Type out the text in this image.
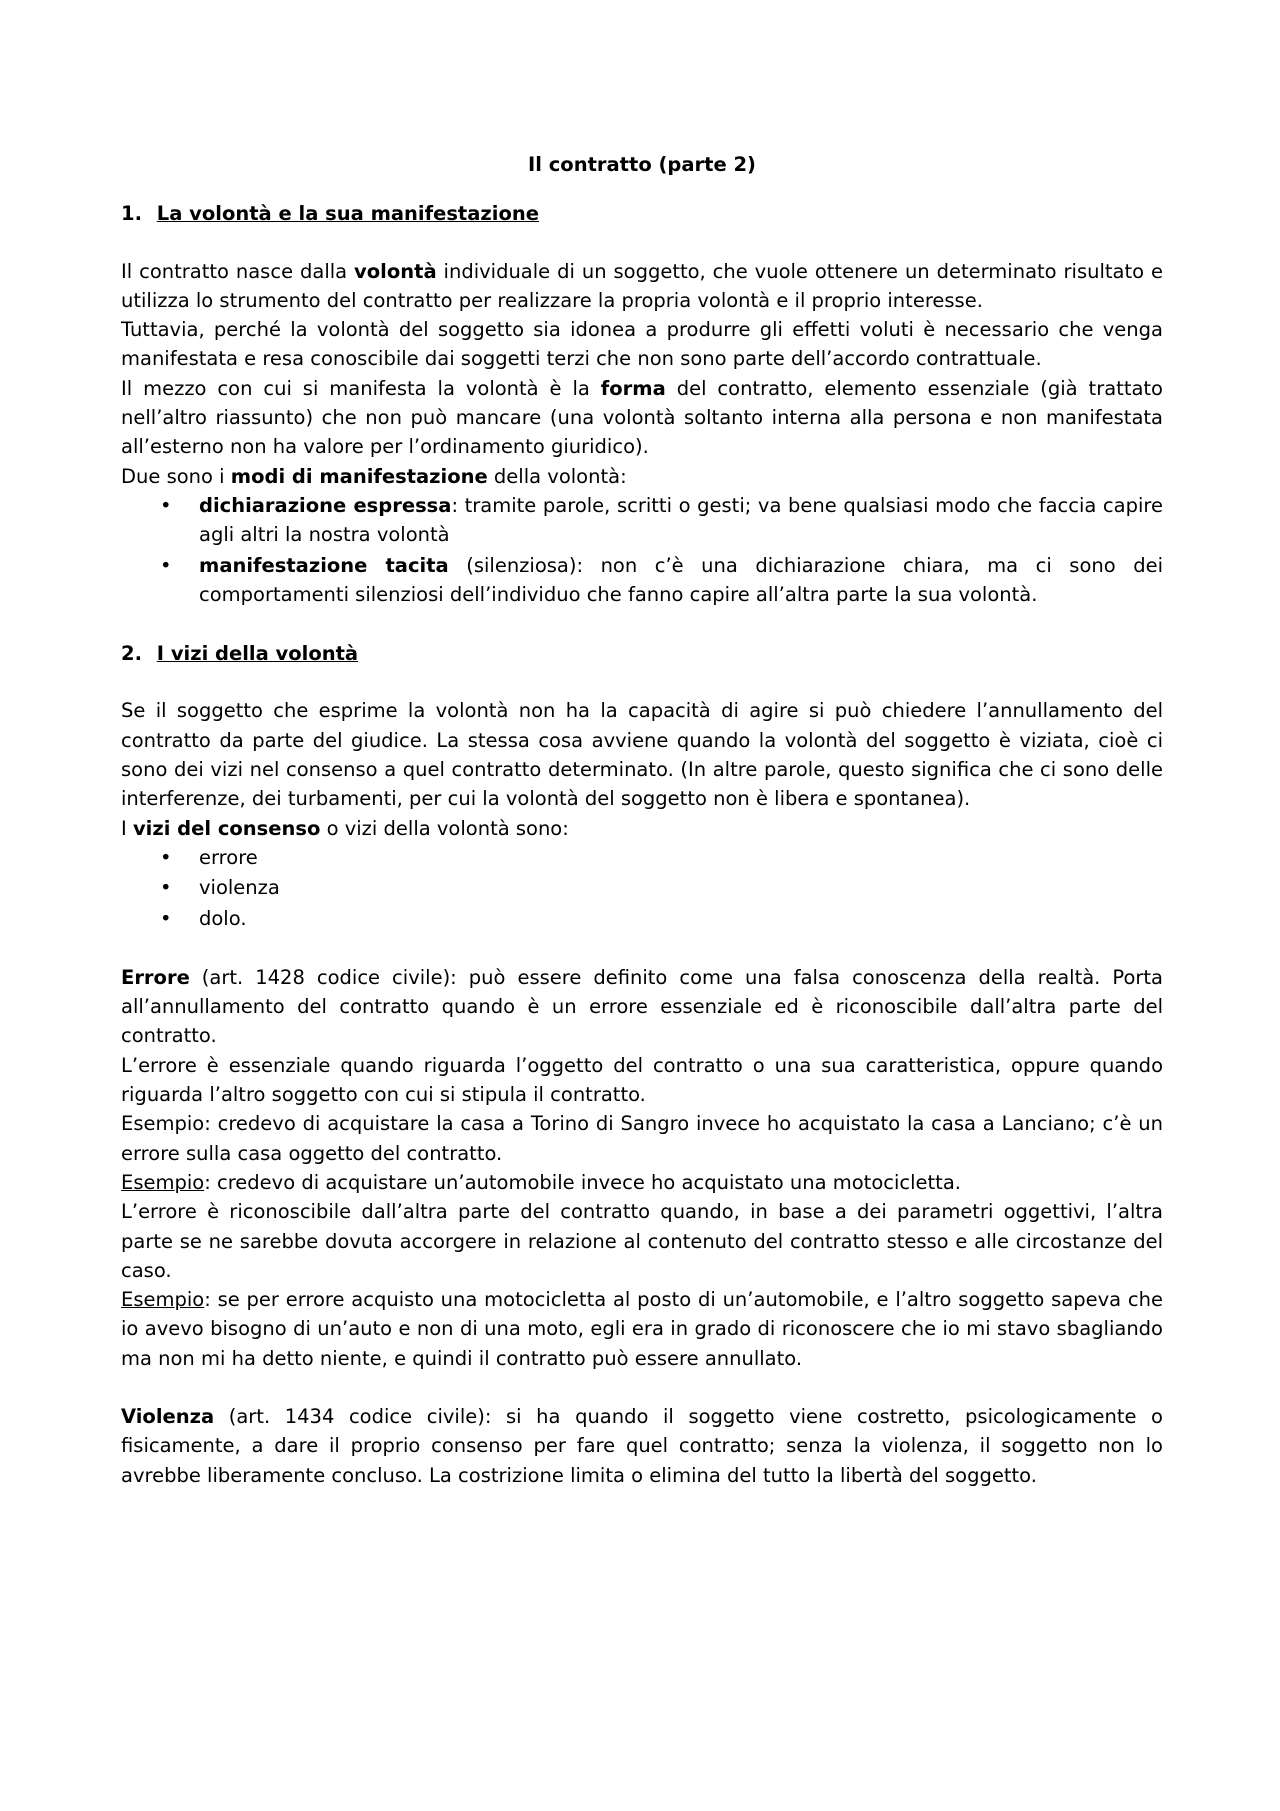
Il contratto (parte 2)
1. La volontà e la sua manifestazione

Il contratto nasce dalla volontà individuale di un soggetto, che vuole ottenere un determinato risultato e utilizza lo strumento del contratto per realizzare la propria volontà e il proprio interesse.

Tuttavia, perché la volontà del soggetto sia idonea a produrre gli effetti voluti è necessario che venga manifestata e resa conoscibile dai soggetti terzi che non sono parte dell’accordo contrattuale.

Il mezzo con cui si manifesta la volontà è la forma del contratto, elemento essenziale (già trattato nell’altro riassunto) che non può mancare (una volontà soltanto interna alla persona e non manifestata all’esterno non ha valore per l’ordinamento giuridico).

Due sono i modi di manifestazione della volontà:

• dichiarazione espressa: tramite parole, scritti o gesti; va bene qualsiasi modo che faccia capire agli altri la nostra volontà
• manifestazione tacita (silenziosa): non c’è una dichiarazione chiara, ma ci sono dei comportamenti silenziosi dell’individuo che fanno capire all’altra parte la sua volontà.
2. I vizi della volontà

Se il soggetto che esprime la volontà non ha la capacità di agire si può chiedere l’annullamento del contratto da parte del giudice. La stessa cosa avviene quando la volontà del soggetto è viziata, cioè ci sono dei vizi nel consenso a quel contratto determinato. (In altre parole, questo significa che ci sono delle interferenze, dei turbamenti, per cui la volontà del soggetto non è libera e spontanea).

I vizi del consenso o vizi della volontà sono:

• errore
• violenza
• dolo.

Errore (art. 1428 codice civile): può essere definito come una falsa conoscenza della realtà. Porta all’annullamento del contratto quando è un errore essenziale ed è riconoscibile dall’altra parte del contratto.

L’errore è essenziale quando riguarda l’oggetto del contratto o una sua caratteristica, oppure quando riguarda l’altro soggetto con cui si stipula il contratto.

Esempio: credevo di acquistare la casa a Torino di Sangro invece ho acquistato la casa a Lanciano; c’è un errore sulla casa oggetto del contratto.

Esempio: credevo di acquistare un’automobile invece ho acquistato una motocicletta.

L’errore è riconoscibile dall’altra parte del contratto quando, in base a dei parametri oggettivi, l’altra parte se ne sarebbe dovuta accorgere in relazione al contenuto del contratto stesso e alle circostanze del caso.

Esempio: se per errore acquisto una motocicletta al posto di un’automobile, e l’altro soggetto sapeva che io avevo bisogno di un’auto e non di una moto, egli era in grado di riconoscere che io mi stavo sbagliando ma non mi ha detto niente, e quindi il contratto può essere annullato.

Violenza (art. 1434 codice civile): si ha quando il soggetto viene costretto, psicologicamente o fisicamente, a dare il proprio consenso per fare quel contratto; senza la violenza, il soggetto non lo avrebbe liberamente concluso. La costrizione limita o elimina del tutto la libertà del soggetto.
